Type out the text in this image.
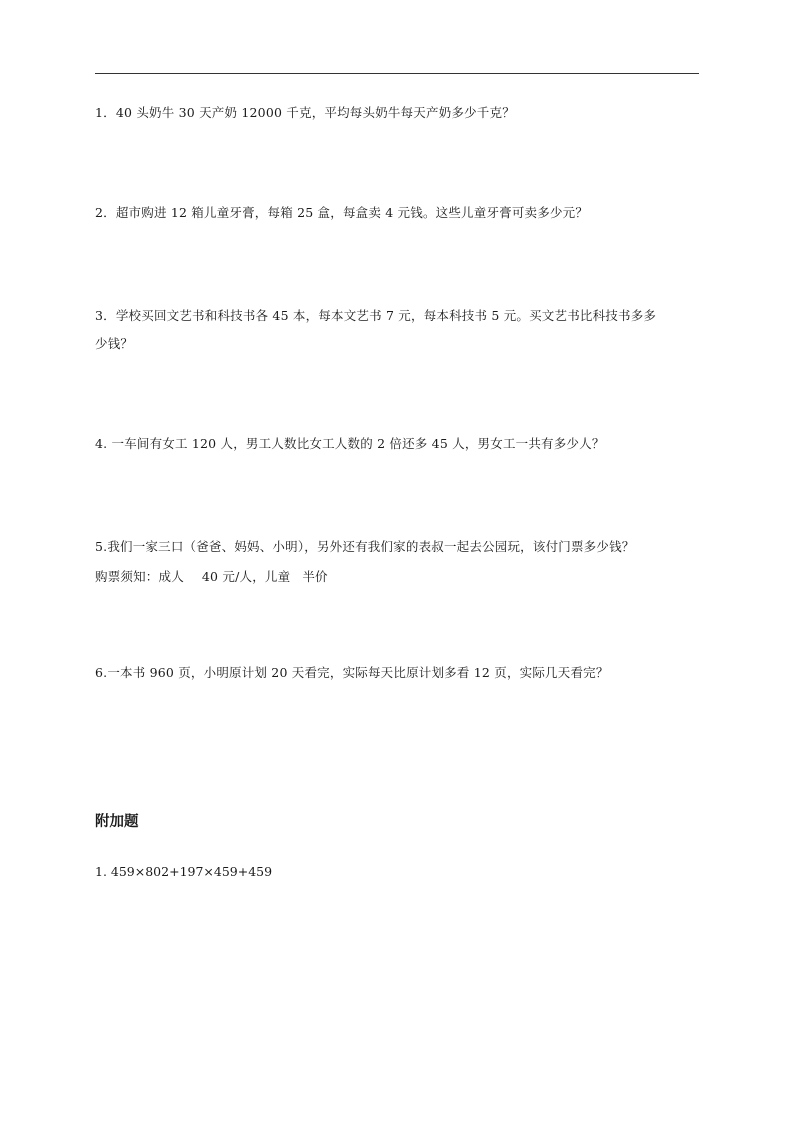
1．40 头奶牛 30 天产奶 12000 千克，平均每头奶牛每天产奶多少千克？
2．超市购进 12 箱儿童牙膏，每箱 25 盒，每盒卖 4 元钱。这些儿童牙膏可卖多少元？
3．学校买回文艺书和科技书各 45 本，每本文艺书 7 元，每本科技书 5 元。买文艺书比科技书多多
少钱？
4. 一车间有女工 120 人，男工人数比女工人数的 2 倍还多 45 人，男女工一共有多少人？
5.我们一家三口（爸爸、妈妈、小明），另外还有我们家的表叔一起去公园玩，该付门票多少钱？
购票须知：成人 40 元/人，儿童 半价
6.一本书 960 页，小明原计划 20 天看完，实际每天比原计划多看 12 页，实际几天看完？
附加题
1. 459×802+197×459+459
